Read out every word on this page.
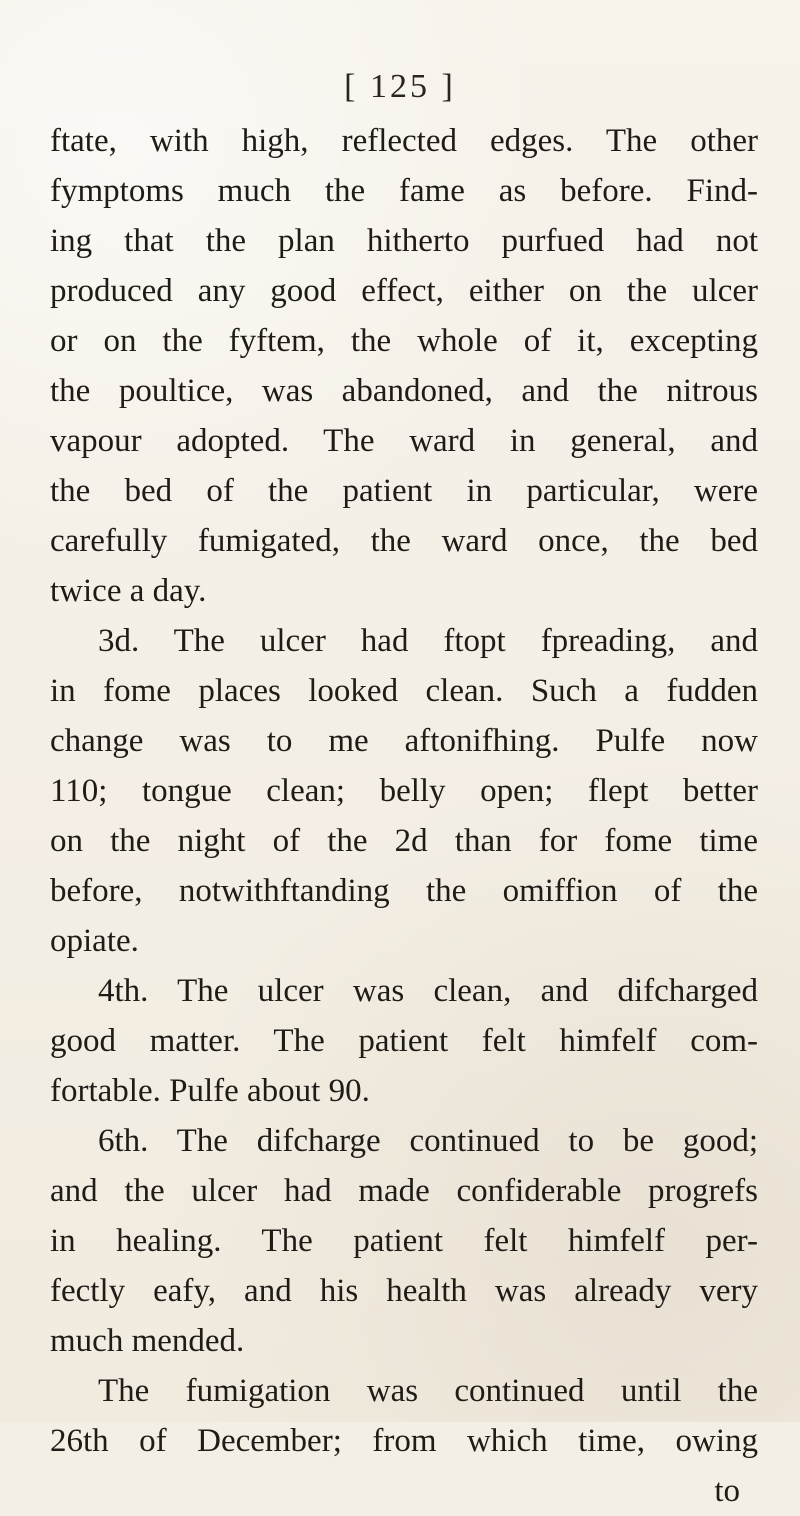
[ 125 ]
ftate, with high, reflected edges. The other
fymptoms much the fame as before. Find-
ing that the plan hitherto purfued had not
produced any good effect, either on the ulcer
or on the fyftem, the whole of it, excepting
the poultice, was abandoned, and the nitrous
vapour adopted. The ward in general, and
the bed of the patient in particular, were
carefully fumigated, the ward once, the bed
twice a day.
3d. The ulcer had ftopt fpreading, and
in fome places looked clean. Such a fudden
change was to me aftonifhing. Pulfe now
110; tongue clean; belly open; flept better
on the night of the 2d than for fome time
before, notwithftanding the omiffion of the
opiate.
4th. The ulcer was clean, and difcharged
good matter. The patient felt himfelf com-
fortable. Pulfe about 90.
6th. The difcharge continued to be good;
and the ulcer had made confiderable progrefs
in healing. The patient felt himfelf per-
fectly eafy, and his health was already very
much mended.
The fumigation was continued until the
26th of December; from which time, owing
to
